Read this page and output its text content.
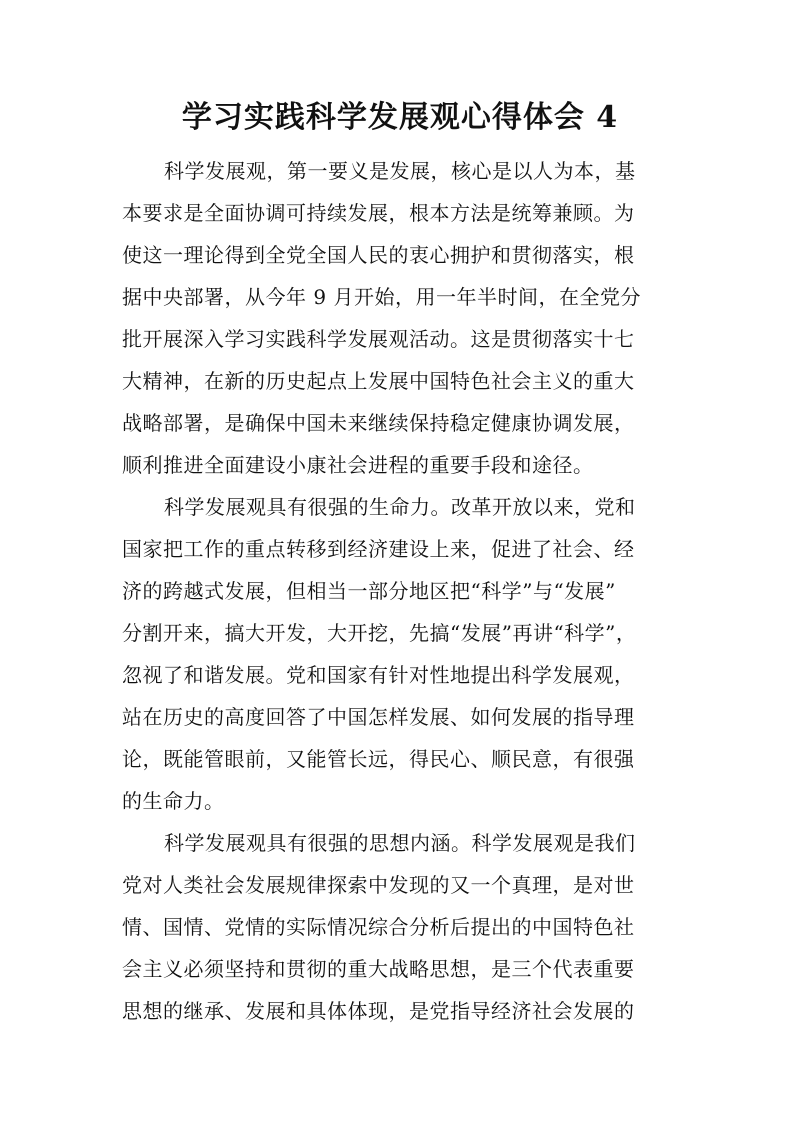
学习实践科学发展观心得体会 4
科学发展观，第一要义是发展，核心是以人为本，基
本要求是全面协调可持续发展，根本方法是统筹兼顾。为
使这一理论得到全党全国人民的衷心拥护和贯彻落实，根
据中央部署，从今年 9 月开始，用一年半时间，在全党分
批开展深入学习实践科学发展观活动。这是贯彻落实十七
大精神，在新的历史起点上发展中国特色社会主义的重大
战略部署，是确保中国未来继续保持稳定健康协调发展，
顺利推进全面建设小康社会进程的重要手段和途径。
科学发展观具有很强的生命力。改革开放以来，党和
国家把工作的重点转移到经济建设上来，促进了社会、经
济的跨越式发展，但相当一部分地区把“科学”与“发展”
分割开来，搞大开发，大开挖，先搞“发展”再讲“科学”，
忽视了和谐发展。党和国家有针对性地提出科学发展观，
站在历史的高度回答了中国怎样发展、如何发展的指导理
论，既能管眼前，又能管长远，得民心、顺民意，有很强
的生命力。
科学发展观具有很强的思想内涵。科学发展观是我们
党对人类社会发展规律探索中发现的又一个真理，是对世
情、国情、党情的实际情况综合分析后提出的中国特色社
会主义必须坚持和贯彻的重大战略思想，是三个代表重要
思想的继承、发展和具体体现，是党指导经济社会发展的
